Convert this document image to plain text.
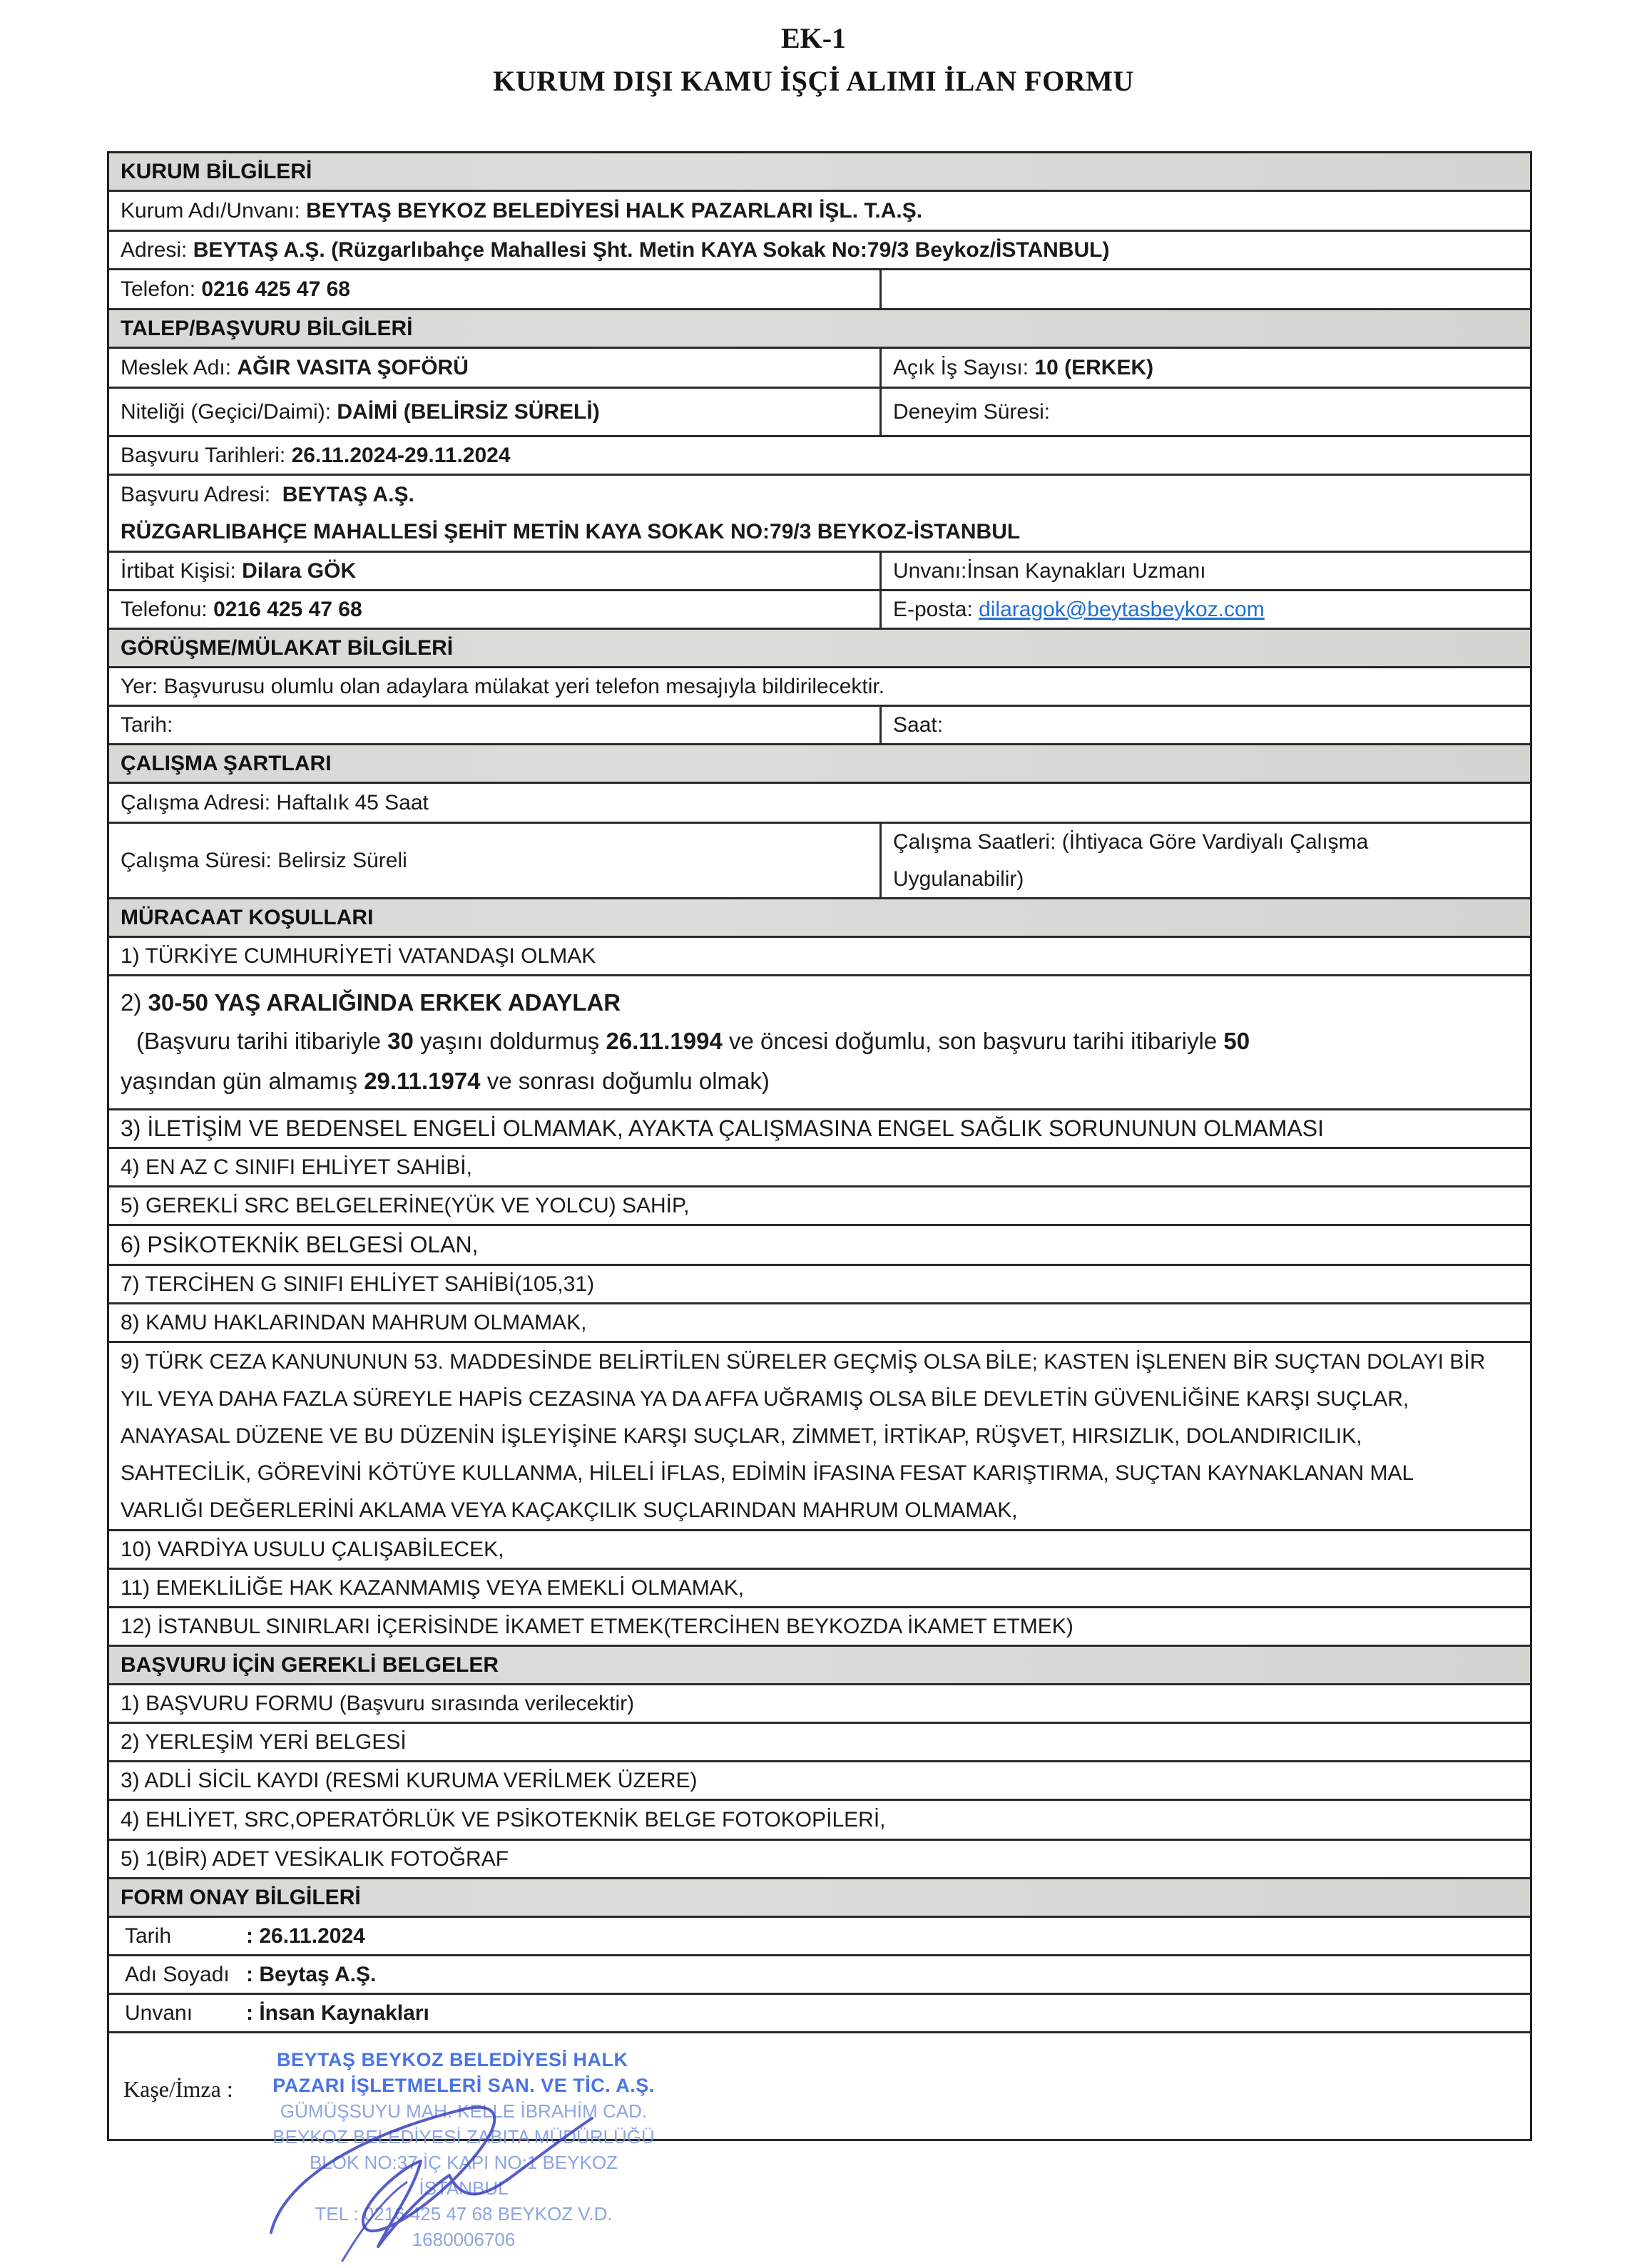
EK-1
KURUM DIŞI KAMU İŞÇİ ALIMI İLAN FORMU
KURUM BİLGİLERİ
Kurum Adı/Unvanı:
BEYTAŞ BEYKOZ BELEDİYESİ HALK PAZARLARI İŞL. T.A.Ş.
Adresi:
BEYTAŞ A.Ş. (Rüzgarlıbahçe Mahallesi Şht. Metin KAYA Sokak No:79/3 Beykoz/İSTANBUL)
Telefon:
0216 425 47 68
TALEP/BAŞVURU BİLGİLERİ
Meslek Adı:
AĞIR VASITA ŞOFÖRÜ	Açık İş Sayısı:
10 (ERKEK)
Niteliği (Geçici/Daimi):
DAİMİ (BELİRSİZ SÜRELİ)	Deneyim Süresi:
Başvuru Tarihleri:
26.11.2024-29.11.2024
Başvuru Adresi:  BEYTAŞ A.Ş.
RÜZGARLIBAHÇE MAHALLESİ ŞEHİT METİN KAYA SOKAK NO:79/3 BEYKOZ-İSTANBUL
İrtibat Kişisi:
Dilara GÖK	Unvanı: İnsan Kaynakları Uzmanı
Telefonu:
0216 425 47 68	E-posta:
dilaragok@beytasbeykoz.com
GÖRÜŞME/MÜLAKAT BİLGİLERİ
Yer: Başvurusu olumlu olan adaylara mülakat yeri telefon mesajıyla bildirilecektir.
Tarih:	Saat:
ÇALIŞMA ŞARTLARI
Çalışma Adresi: Haftalık 45 Saat
Çalışma Süresi: Belirsiz Süreli
Çalışma Saatleri: (İhtiyaca Göre Vardiyalı Çalışma
Uygulanabilir)
MÜRACAAT KOŞULLARI
1) TÜRKİYE CUMHURİYETİ VATANDAŞI OLMAK
2) 30-50 YAŞ ARALIĞINDA ERKEK ADAYLAR
(Başvuru tarihi itibariyle 30 yaşını doldurmuş 26.11.1994 ve öncesi doğumlu, son başvuru tarihi itibariyle 50
yaşından gün almamış 29.11.1974 ve sonrası doğumlu olmak)
3) İLETİŞİM VE BEDENSEL ENGELİ OLMAMAK, AYAKTA ÇALIŞMASINA ENGEL SAĞLIK SORUNUNUN OLMAMASI
4) EN AZ C SINIFI EHLİYET SAHİBİ,
5) GEREKLİ SRC BELGELERİNE(YÜK VE YOLCU) SAHİP,
6) PSİKOTEKNİK BELGESİ OLAN,
7) TERCİHEN G SINIFI EHLİYET SAHİBİ(105,31)
8) KAMU HAKLARINDAN MAHRUM OLMAMAK,
9) TÜRK CEZA KANUNUNUN 53. MADDESİNDE BELİRTİLEN SÜRELER GEÇMİŞ OLSA BİLE; KASTEN İŞLENEN BİR SUÇTAN DOLAYI BİR
YIL VEYA DAHA FAZLA SÜREYLE HAPİS CEZASINA YA DA AFFA UĞRAMIŞ OLSA BİLE DEVLETİN GÜVENLİĞİNE KARŞI SUÇLAR,
ANAYASAL DÜZENE VE BU DÜZENİN İŞLEYİŞİNE KARŞI SUÇLAR, ZİMMET, İRTİKAP, RÜŞVET, HIRSIZLIK, DOLANDIRICILIK,
SAHTECİLİK, GÖREVİNİ KÖTÜYE KULLANMA, HİLELİ İFLAS, EDİMİN İFASINA FESAT KARIŞTIRMA, SUÇTAN KAYNAKLANAN MAL
VARLIĞI DEĞERLERİNİ AKLAMA VEYA KAÇAKÇILIK SUÇLARINDAN MAHRUM OLMAMAK,
10) VARDİYA USULU ÇALIŞABİLECEK,
11) EMEKLİLİĞE HAK KAZANMAMIŞ VEYA EMEKLİ OLMAMAK,
12) İSTANBUL SINIRLARI İÇERİSİNDE İKAMET ETMEK(TERCİHEN BEYKOZDA İKAMET ETMEK)
BAŞVURU İÇİN GEREKLİ BELGELER
1) BAŞVURU FORMU (Başvuru sırasında verilecektir)
2) YERLEŞİM YERİ BELGESİ
3) ADLİ SİCİL KAYDI (RESMİ KURUMA VERİLMEK ÜZERE)
4) EHLİYET, SRC,OPERATÖRLÜK VE PSİKOTEKNİK BELGE FOTOKOPİLERİ,
5) 1(BİR) ADET VESİKALIK FOTOĞRAF
FORM ONAY BİLGİLERİ
Tarih	: 26.11.2024
Adı Soyadı : Beytaş A.Ş.
Unvanı	: İnsan Kaynakları
Kaşe/İmza :
BEYTAŞ BEYKOZ BELEDİYESİ HALK
PAZARI İŞLETMELERİ SAN. VE TİC. A.Ş.
GÜMÜŞSUYU MAH. KELLE İBRAHİM CAD.
BEYKOZ BELEDİYESİ ZABITA MÜDÜRLÜĞÜ
BLOK NO:37 İÇ KAPI NO:1 BEYKOZ İSTANBUL
TEL : 0216 425 47 68 BEYKOZ V.D. 1680006706
